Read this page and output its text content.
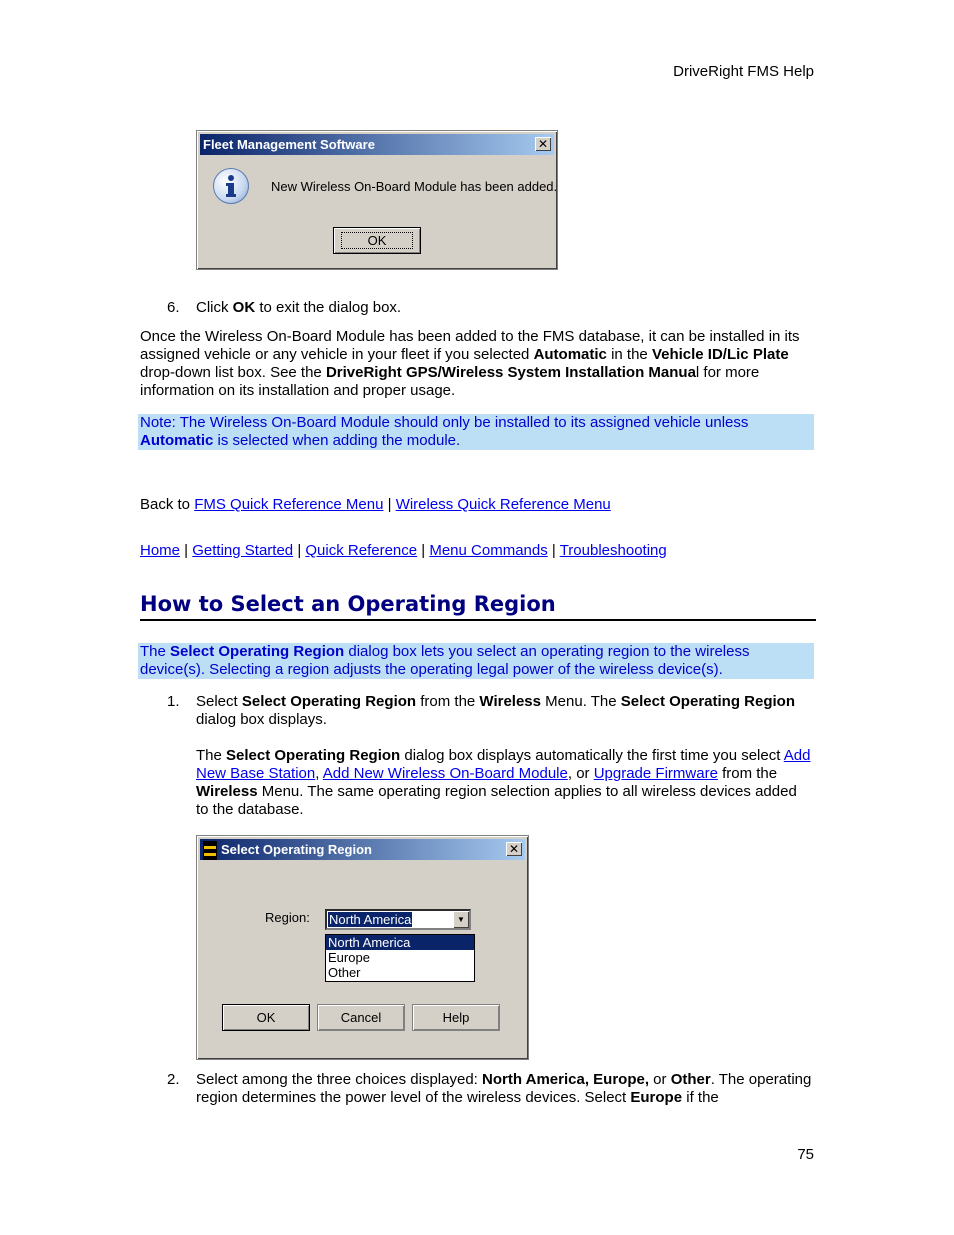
DriveRight FMS Help
Fleet Management Software	✕
New Wireless On-Board Module has been added.
OK
6. Click OK to exit the dialog box.
Once the Wireless On-Board Module has been added to the FMS database, it can be installed in its assigned vehicle or any vehicle in your fleet if you selected Automatic in the Vehicle ID/Lic Plate drop-down list box. See the DriveRight GPS/Wireless System Installation Manual for more information on its installation and proper usage.
Note: The Wireless On-Board Module should only be installed to its assigned vehicle unless Automatic is selected when adding the module.
Back to FMS Quick Reference Menu | Wireless Quick Reference Menu
Home | Getting Started | Quick Reference | Menu Commands | Troubleshooting
How to Select an Operating Region
The Select Operating Region dialog box lets you select an operating region to the wireless device(s). Selecting a region adjusts the operating legal power of the wireless device(s).
1. Select Select Operating Region from the Wireless Menu. The Select Operating Region dialog box displays.
The Select Operating Region dialog box displays automatically the first time you select Add New Base Station, Add New Wireless On-Board Module, or Upgrade Firmware from the Wireless Menu. The same operating region selection applies to all wireless devices added to the database.
Select Operating Region	✕
Region: North America	▼
North America
Europe
Other
OK	Cancel	Help
2. Select among the three choices displayed: North America, Europe, or Other. The operating region determines the power level of the wireless devices. Select Europe if the
75
